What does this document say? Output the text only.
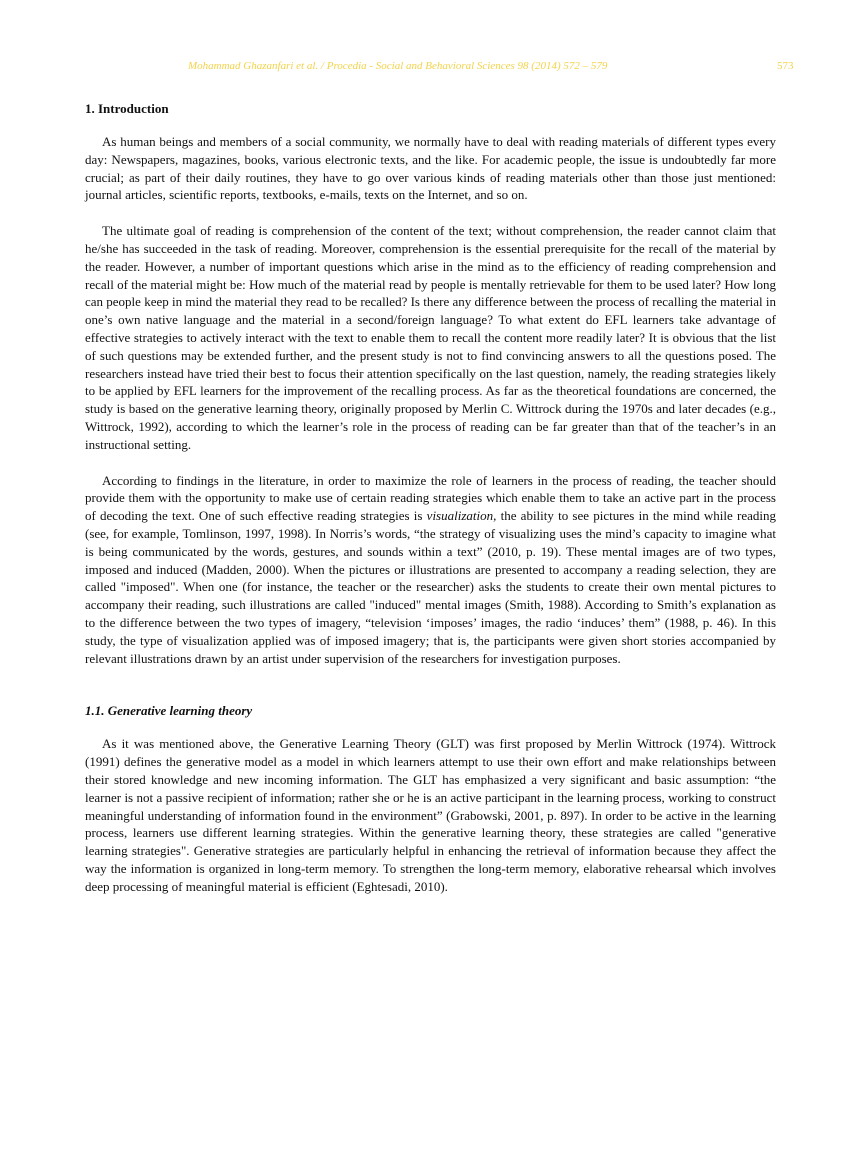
Mohammad Ghazanfari et al. / Procedia - Social and Behavioral Sciences 98 (2014) 572 – 579	573
1. Introduction

As human beings and members of a social community, we normally have to deal with reading materials of different types every day: Newspapers, magazines, books, various electronic texts, and the like. For academic people, the issue is undoubtedly far more crucial; as part of their daily routines, they have to go over various kinds of reading materials other than those just mentioned: journal articles, scientific reports, textbooks, e-mails, texts on the Internet, and so on.

The ultimate goal of reading is comprehension of the content of the text; without comprehension, the reader cannot claim that he/she has succeeded in the task of reading. Moreover, comprehension is the essential prerequisite for the recall of the material by the reader. However, a number of important questions which arise in the mind as to the efficiency of reading comprehension and recall of the material might be: How much of the material read by people is mentally retrievable for them to be used later? How long can people keep in mind the material they read to be recalled? Is there any difference between the process of recalling the material in one’s own native language and the material in a second/foreign language? To what extent do EFL learners take advantage of effective strategies to actively interact with the text to enable them to recall the content more readily later? It is obvious that the list of such questions may be extended further, and the present study is not to find convincing answers to all the questions posed. The researchers instead have tried their best to focus their attention specifically on the last question, namely, the reading strategies likely to be applied by EFL learners for the improvement of the recalling process. As far as the theoretical foundations are concerned, the study is based on the generative learning theory, originally proposed by Merlin C. Wittrock during the 1970s and later decades (e.g., Wittrock, 1992), according to which the learner’s role in the process of reading can be far greater than that of the teacher’s in an instructional setting.

According to findings in the literature, in order to maximize the role of learners in the process of reading, the teacher should provide them with the opportunity to make use of certain reading strategies which enable them to take an active part in the process of decoding the text. One of such effective reading strategies is visualization, the ability to see pictures in the mind while reading (see, for example, Tomlinson, 1997, 1998). In Norris’s words, “the strategy of visualizing uses the mind’s capacity to imagine what is being communicated by the words, gestures, and sounds within a text” (2010, p. 19). These mental images are of two types, imposed and induced (Madden, 2000). When the pictures or illustrations are presented to accompany a reading selection, they are called "imposed". When one (for instance, the teacher or the researcher) asks the students to create their own mental pictures to accompany their reading, such illustrations are called "induced" mental images (Smith, 1988). According to Smith’s explanation as to the difference between the two types of imagery, “television ‘imposes’ images, the radio ‘induces’ them” (1988, p. 46). In this study, the type of visualization applied was of imposed imagery; that is, the participants were given short stories accompanied by relevant illustrations drawn by an artist under supervision of the researchers for investigation purposes.

1.1. Generative learning theory

As it was mentioned above, the Generative Learning Theory (GLT) was first proposed by Merlin Wittrock (1974). Wittrock (1991) defines the generative model as a model in which learners attempt to use their own effort and make relationships between their stored knowledge and new incoming information. The GLT has emphasized a very significant and basic assumption: “the learner is not a passive recipient of information; rather she or he is an active participant in the learning process, working to construct meaningful understanding of information found in the environment” (Grabowski, 2001, p. 897). In order to be active in the learning process, learners use different learning strategies. Within the generative learning theory, these strategies are called "generative learning strategies". Generative strategies are particularly helpful in enhancing the retrieval of information because they affect the way the information is organized in long-term memory. To strengthen the long-term memory, elaborative rehearsal which involves deep processing of meaningful material is efficient (Eghtesadi, 2010).
